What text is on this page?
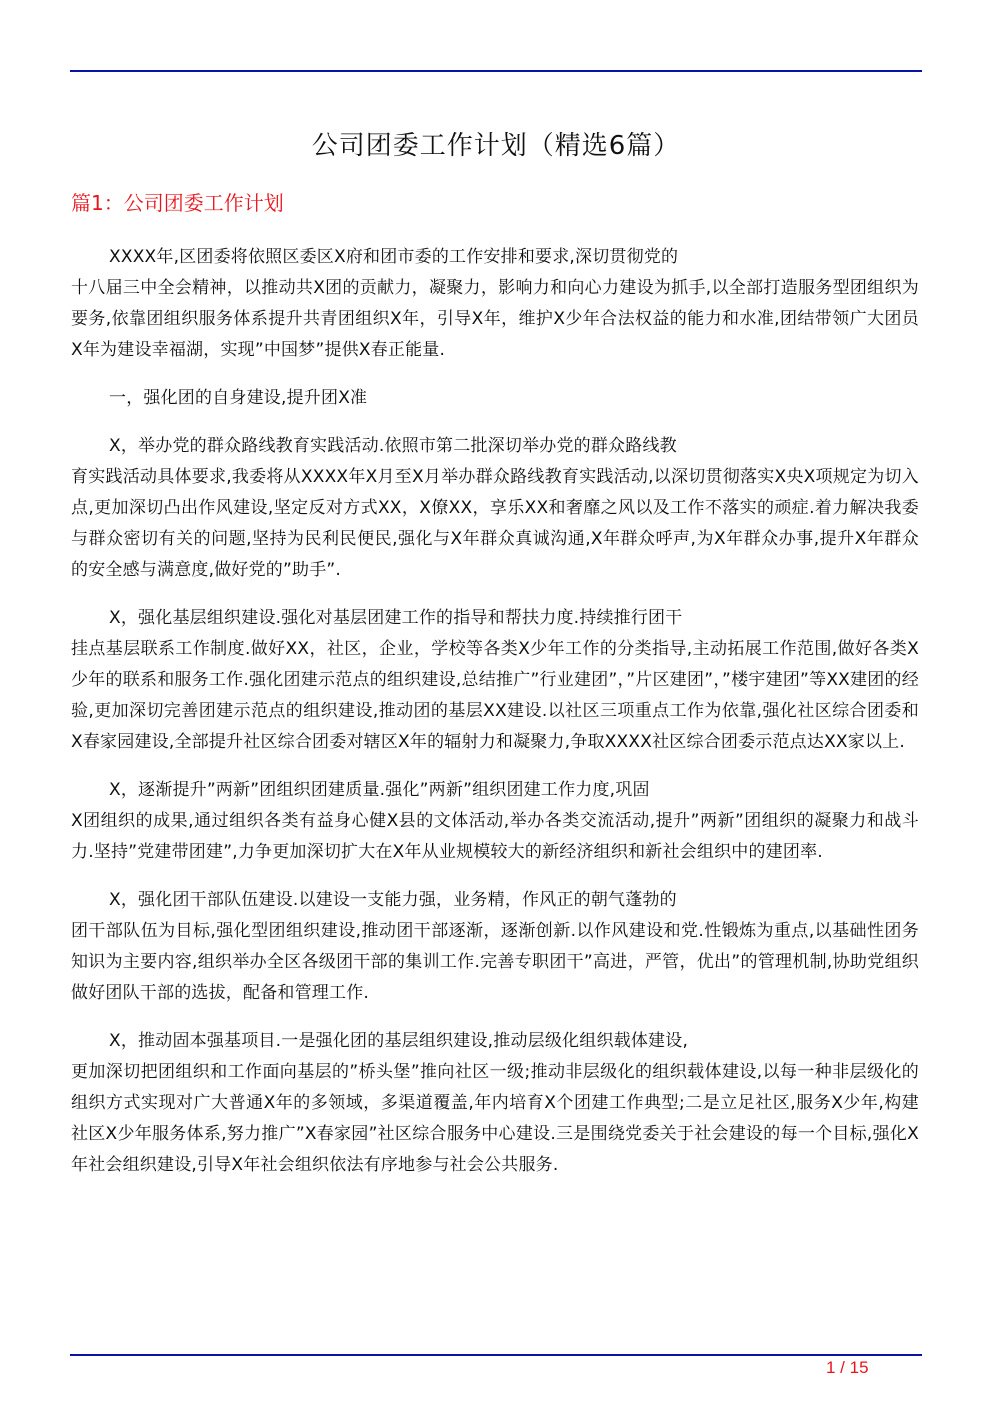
公司团委工作计划（精选6篇）
篇1：公司团委工作计划

XXXX年,区团委将依照区委区X府和团市委的工作安排和要求,深切贯彻党的
十八届三中全会精神，以推动共X团的贡献力，凝聚力，影响力和向心力建设为抓手,以全部打造服务型团组织为要务,依靠团组织服务体系提升共青团组织X年，引导X年，维护X少年合法权益的能力和水准,团结带领广大团员X年为建设幸福湖，实现”中国梦”提供X春正能量.

一，强化团的自身建设,提升团X准

X，举办党的群众路线教育实践活动.依照市第二批深切举办党的群众路线教
育实践活动具体要求,我委将从XXXX年X月至X月举办群众路线教育实践活动,以深切贯彻落实X央X项规定为切入点,更加深切凸出作风建设,坚定反对方式XX，X僚XX，享乐XX和奢靡之风以及工作不落实的顽症.着力解决我委与群众密切有关的问题,坚持为民利民便民,强化与X年群众真诚沟通,X年群众呼声,为X年群众办事,提升X年群众的安全感与满意度,做好党的”助手”.

X，强化基层组织建设.强化对基层团建工作的指导和帮扶力度.持续推行团干
挂点基层联系工作制度.做好XX，社区，企业，学校等各类X少年工作的分类指导,主动拓展工作范围,做好各类X少年的联系和服务工作.强化团建示范点的组织建设,总结推广”行业建团”，”片区建团”，”楼宇建团”等XX建团的经验,更加深切完善团建示范点的组织建设,推动团的基层XX建设.以社区三项重点工作为依靠,强化社区综合团委和X春家园建设,全部提升社区综合团委对辖区X年的辐射力和凝聚力,争取XXXX社区综合团委示范点达XX家以上.

X，逐渐提升”两新”团组织团建质量.强化”两新”组织团建工作力度,巩固
X团组织的成果,通过组织各类有益身心健X县的文体活动,举办各类交流活动,提升”两新”团组织的凝聚力和战斗力.坚持”党建带团建”,力争更加深切扩大在X年从业规模较大的新经济组织和新社会组织中的建团率.

X，强化团干部队伍建设.以建设一支能力强，业务精，作风正的朝气蓬勃的
团干部队伍为目标,强化型团组织建设,推动团干部逐渐，逐渐创新.以作风建设和党.性锻炼为重点,以基础性团务知识为主要内容,组织举办全区各级团干部的集训工作.完善专职团干”高进，严管，优出”的管理机制,协助党组织做好团队干部的选拔，配备和管理工作.

X，推动固本强基项目.一是强化团的基层组织建设,推动层级化组织载体建设,
更加深切把团组织和工作面向基层的”桥头堡”推向社区一级;推动非层级化的组织载体建设,以每一种非层级化的组织方式实现对广大普通X年的多领域，多渠道覆盖,年内培育X个团建工作典型;二是立足社区,服务X少年,构建社区X少年服务体系,努力推广”X春家园”社区综合服务中心建设.三是围绕党委关于社会建设的每一个目标,强化X年社会组织建设,引导X年社会组织依法有序地参与社会公共服务.

1 / 15
